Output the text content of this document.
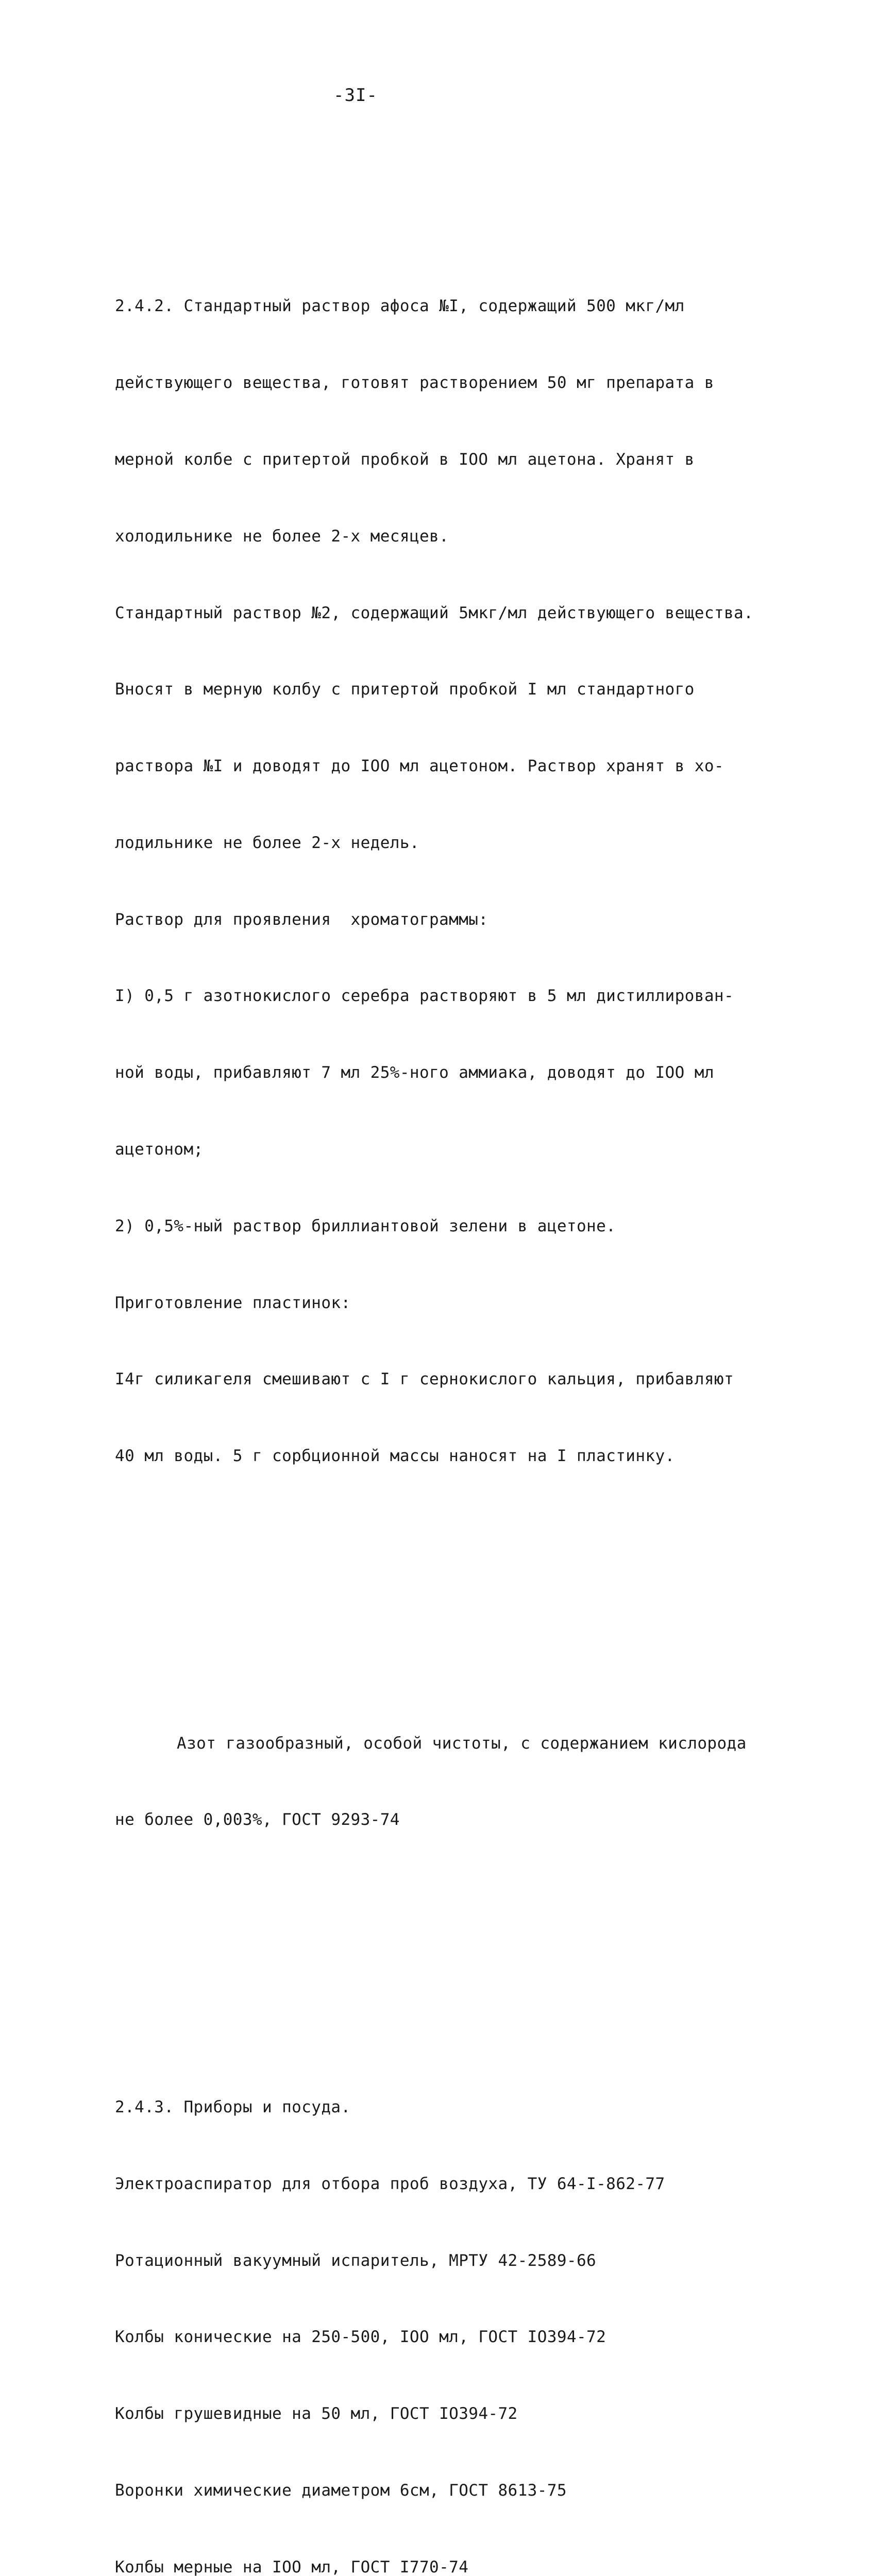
-3I-

2.4.2. Стандартный раствор афоса №I, содержащий 500 мкг/мл

действующего вещества, готовят растворением 50 мг препарата в

мерной колбе с притертой пробкой в IOO мл ацетона. Хранят в

холодильнике не более 2-х месяцев.

Стандартный раствор №2, содержащий 5мкг/мл действующего вещества.

Вносят в мерную колбу с притертой пробкой I мл стандартного

раствора №I и доводят до IOO мл ацетоном. Раствор хранят в хо-

лодильнике не более 2-х недель.

Раствор для проявления  хроматограммы:

I) 0,5 г азотнокислого серебра растворяют в 5 мл дистиллирован-

ной воды, прибавляют 7 мл 25%-ного аммиака, доводят до IOO мл

ацетоном;

2) 0,5%-ный раствор бриллиантовой зелени в ацетоне.

Приготовление пластинок:

I4г силикагеля смешивают с I г сернокислого кальция, прибавляют

40 мл воды. 5 г сорбционной массы наносят на I пластинку.

Азот газообразный, особой чистоты, с содержанием кислорода

не более 0,003%, ГОСТ 9293-74

2.4.3. Приборы и посуда.

Электроаспиратор для отбора проб воздуха, ТУ 64-I-862-77

Ротационный вакуумный испаритель, МРТУ 42-2589-66

Колбы конические на 250-500, IOO мл, ГОСТ IO394-72

Колбы грушевидные на 50 мл, ГОСТ IO394-72

Воронки химические диаметром 6см, ГОСТ 8613-75

Колбы мерные на IOO мл, ГОСТ I770-74
